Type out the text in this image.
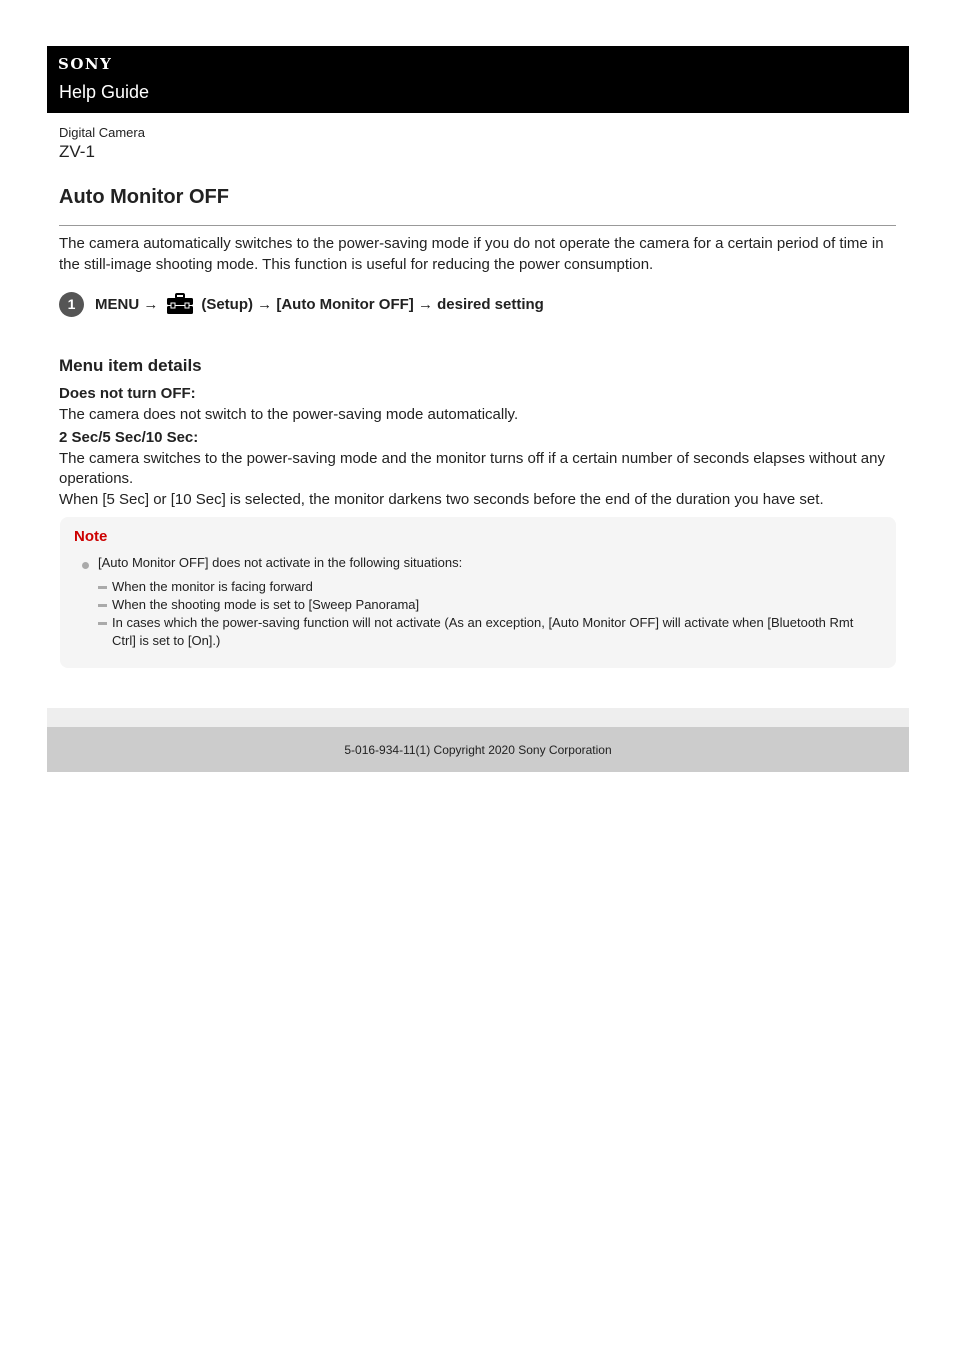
SONY
Help Guide
Digital Camera
ZV-1
Auto Monitor OFF

The camera automatically switches to the power-saving mode if you do not operate the camera for a certain period of time in the still-image shooting mode. This function is useful for reducing the power consumption.

1	MENU →	(Setup) → [Auto Monitor OFF] → desired setting
Menu item details

Does not turn OFF:

The camera does not switch to the power-saving mode automatically.

2 Sec/5 Sec/10 Sec:

The camera switches to the power-saving mode and the monitor turns off if a certain number of seconds elapses without any operations.

When [5 Sec] or [10 Sec] is selected, the monitor darkens two seconds before the end of the duration you have set.

Note
[Auto Monitor OFF] does not activate in the following situations:
When the monitor is facing forward
When the shooting mode is set to [Sweep Panorama]
In cases which the power-saving function will not activate (As an exception, [Auto Monitor OFF] will activate when [Bluetooth Rmt Ctrl] is set to [On].)
5-016-934-11(1) Copyright 2020 Sony Corporation
